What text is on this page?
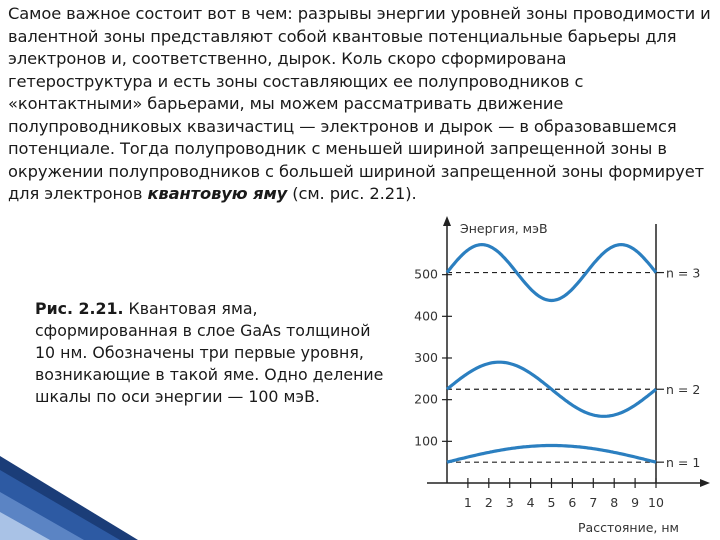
Самое важное состоит вот в чем: разрывы энергии уровней зоны проводимости и валентной зоны представляют собой квантовые потенциальные барьеры для электронов и, соответственно, дырок. Коль скоро сформирована гетероструктура и есть зоны составляющих ее полупроводников с «контактными» барьерами, мы можем рассматривать движение полупроводниковых квазичастиц — электронов и дырок — в образовавшемся потенциале. Тогда полупроводник с меньшей шириной запрещенной зоны в окружении полупроводников с большей шириной запрещенной зоны формирует для электронов квантовую яму (см. рис. 2.21).

Рис. 2.21. Квантовая яма, сформированная в слое GaAs толщиной 10 нм. Обозначены три первые уровня, возникающие в такой яме. Одно деление шкалы по оси энергии — 100 мэВ.

Энергия, мэВ
Расстояние, нм
100
200
300
400
500
1 2 3 4 5 6 7 8 9 10
n = 1
n = 2
n = 3
